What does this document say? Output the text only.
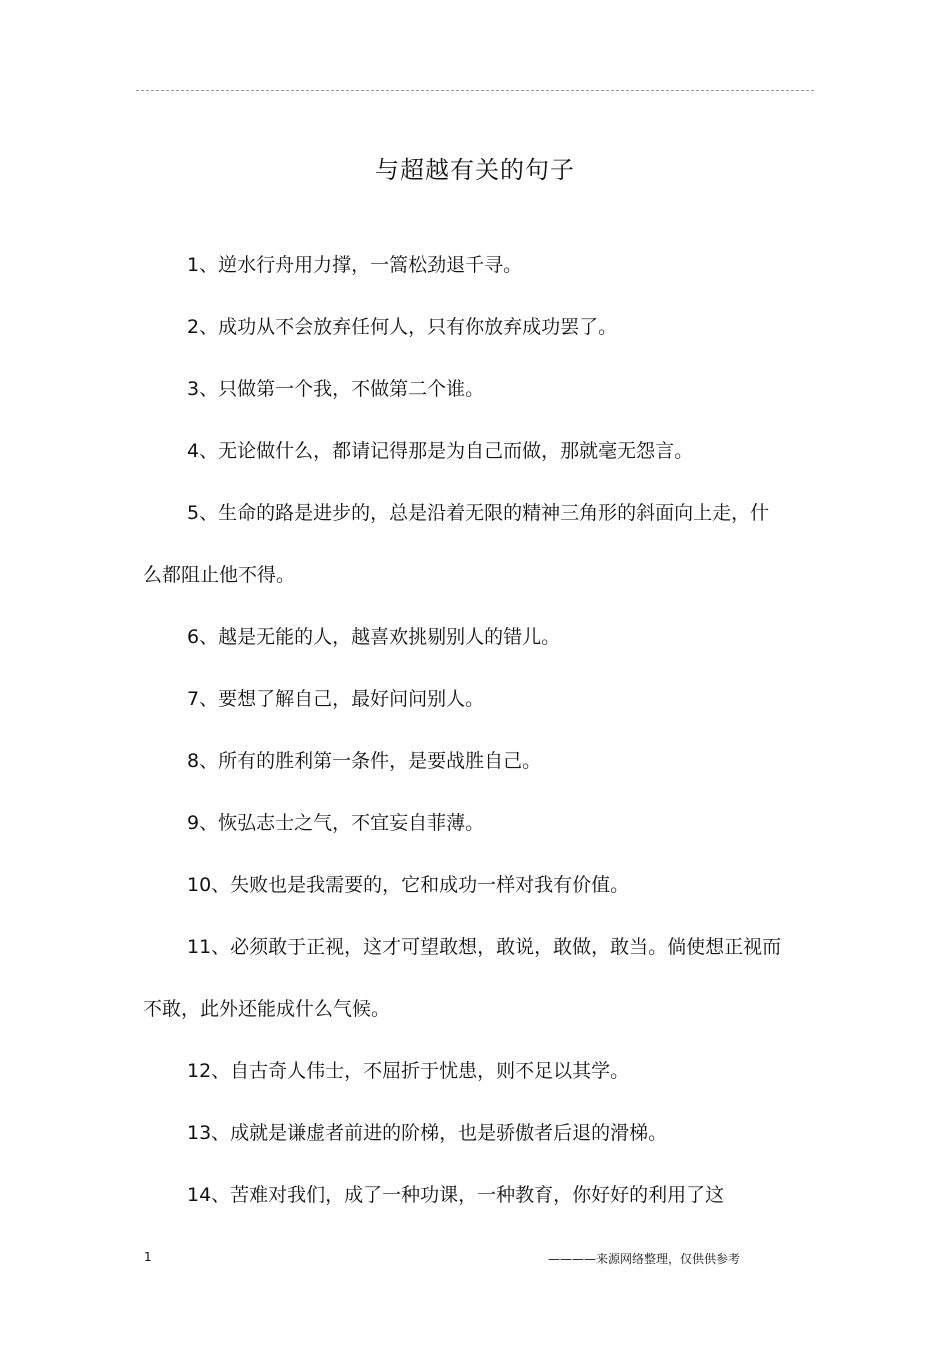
与超越有关的句子

1、逆水行舟用力撑，一篙松劲退千寻。

2、成功从不会放弃任何人，只有你放弃成功罢了。

3、只做第一个我，不做第二个谁。

4、无论做什么，都请记得那是为自己而做，那就毫无怨言。

5、生命的路是进步的，总是沿着无限的精神三角形的斜面向上走，什么都阻止他不得。

6、越是无能的人，越喜欢挑剔别人的错儿。

7、要想了解自己，最好问问别人。

8、所有的胜利第一条件，是要战胜自己。

9、恢弘志士之气，不宜妄自菲薄。

10、失败也是我需要的，它和成功一样对我有价值。

11、必须敢于正视，这才可望敢想，敢说，敢做，敢当。倘使想正视而不敢，此外还能成什么气候。

12、自古奇人伟士，不屈折于忧患，则不足以其学。

13、成就是谦虚者前进的阶梯，也是骄傲者后退的滑梯。

14、苦难对我们，成了一种功课，一种教育，你好好的利用了这

1	————来源网络整理，仅供供参考
